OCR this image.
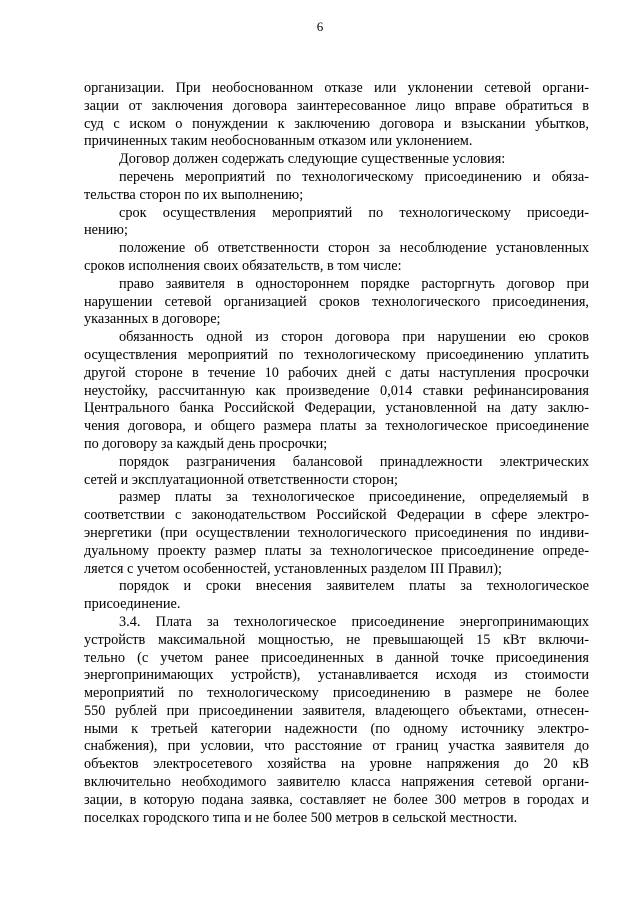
6
организации. При необоснованном отказе или уклонении сетевой органи-
зации от заключения договора заинтересованное лицо вправе обратиться в
суд с иском о понуждении к заключению договора и взыскании убытков,
причиненных таким необоснованным отказом или уклонением.
Договор должен содержать следующие существенные условия:
перечень мероприятий по технологическому присоединению и обяза-
тельства сторон по их выполнению;
срок осуществления мероприятий по технологическому присоеди-
нению;
положение об ответственности сторон за несоблюдение установленных
сроков исполнения своих обязательств, в том числе:
право заявителя в одностороннем порядке расторгнуть договор при
нарушении сетевой организацией сроков технологического присоединения,
указанных в договоре;
обязанность одной из сторон договора при нарушении ею сроков
осуществления мероприятий по технологическому присоединению уплатить
другой стороне в течение 10 рабочих дней с даты наступления просрочки
неустойку, рассчитанную как произведение 0,014 ставки рефинансирования
Центрального банка Российской Федерации, установленной на дату заклю-
чения договора, и общего размера платы за технологическое присоединение
по договору за каждый день просрочки;
порядок разграничения балансовой принадлежности электрических
сетей и эксплуатационной ответственности сторон;
размер платы за технологическое присоединение, определяемый в
соответствии с законодательством Российской Федерации в сфере электро-
энергетики (при осуществлении технологического присоединения по индиви-
дуальному проекту размер платы за технологическое присоединение опреде-
ляется с учетом особенностей, установленных разделом III Правил);
порядок и сроки внесения заявителем платы за технологическое
присоединение.
3.4. Плата за технологическое присоединение энергопринимающих
устройств максимальной мощностью, не превышающей 15 кВт включи-
тельно (с учетом ранее присоединенных в данной точке присоединения
энергопринимающих устройств), устанавливается исходя из стоимости
мероприятий по технологическому присоединению в размере не более
550 рублей при присоединении заявителя, владеющего объектами, отнесен-
ными к третьей категории надежности (по одному источнику электро-
снабжения), при условии, что расстояние от границ участка заявителя до
объектов электросетевого хозяйства на уровне напряжения до 20 кВ
включительно необходимого заявителю класса напряжения сетевой органи-
зации, в которую подана заявка, составляет не более 300 метров в городах и
поселках городского типа и не более 500 метров в сельской местности.
